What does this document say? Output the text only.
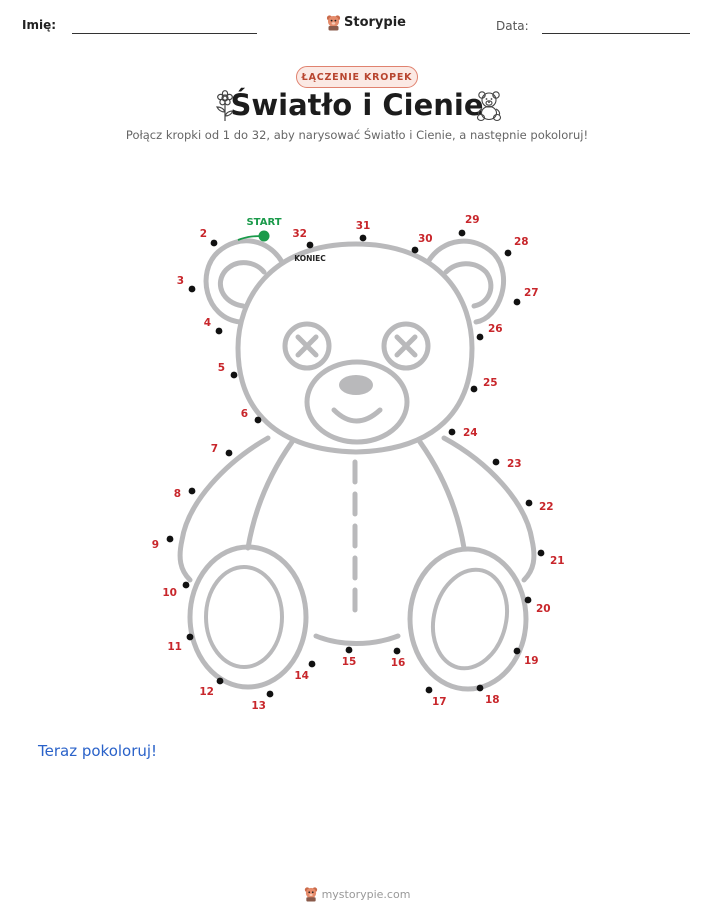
Imię:	Storypie	Data:
ŁĄCZENIE KROPEK
Światło i Cienie
Połącz kropki od 1 do 32, aby narysować Światło i Cienie, a następnie pokoloruj!
START
KONIEC
2
3
4
5
6
7
8
9
10
11
12
13
14
15	16
17	18
19
20
21
22
23
24
25
26
27
28
29
30
31
32
Teraz pokoloruj!
mystorypie.com
